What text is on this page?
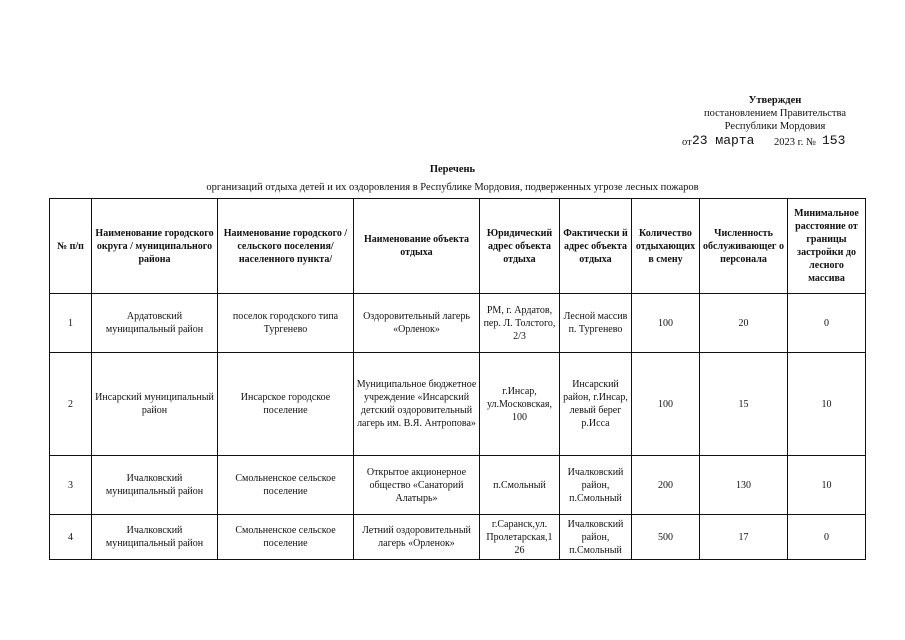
Утвержден
постановлением Правительства
Республики Мордовия
от 23 марта 2023 г. № 153
Перечень
организаций отдыха детей и их оздоровления в Республике Мордовия, подверженных угрозе лесных пожаров
№ п/п	Наименование городского округа / муниципального района	Наименование городского / сельского поселения/ населенного пункта/	Наименование объекта отдыха	Юридический адрес объекта отдыха	Фактически й адрес объекта отдыха	Количество отдыхающих в смену	Численность обслуживающег о персонала	Минимальное расстояние от границы застройки до лесного массива
1	Ардатовский муниципальный район	поселок городского типа Тургенево	Оздоровительный лагерь «Орленок»	РМ, г. Ардатов, пер. Л. Толстого, 2/3	Лесной массив п. Тургенево	100	20	0
2	Инсарский муниципальный район	Инсарское городское поселение	Муниципальное бюджетное учреждение «Инсарский детский оздоровительный лагерь им. В.Я. Антропова»	г.Инсар, ул.Московская, 100	Инсарский район, г.Инсар, левый берег р.Исса	100	15	10
3	Ичалковский муниципальный район	Смольненское сельское поселение	Открытое акционерное общество «Санаторий Алатырь»	п.Смольный	Ичалковский район, п.Смольный	200	130	10
4	Ичалковский муниципальный район	Смольненское сельское поселение	Летний оздоровительный лагерь «Орленок»	г.Саранск,ул. Пролетарская,1 26	Ичалковский район, п.Смольный	500	17	0
